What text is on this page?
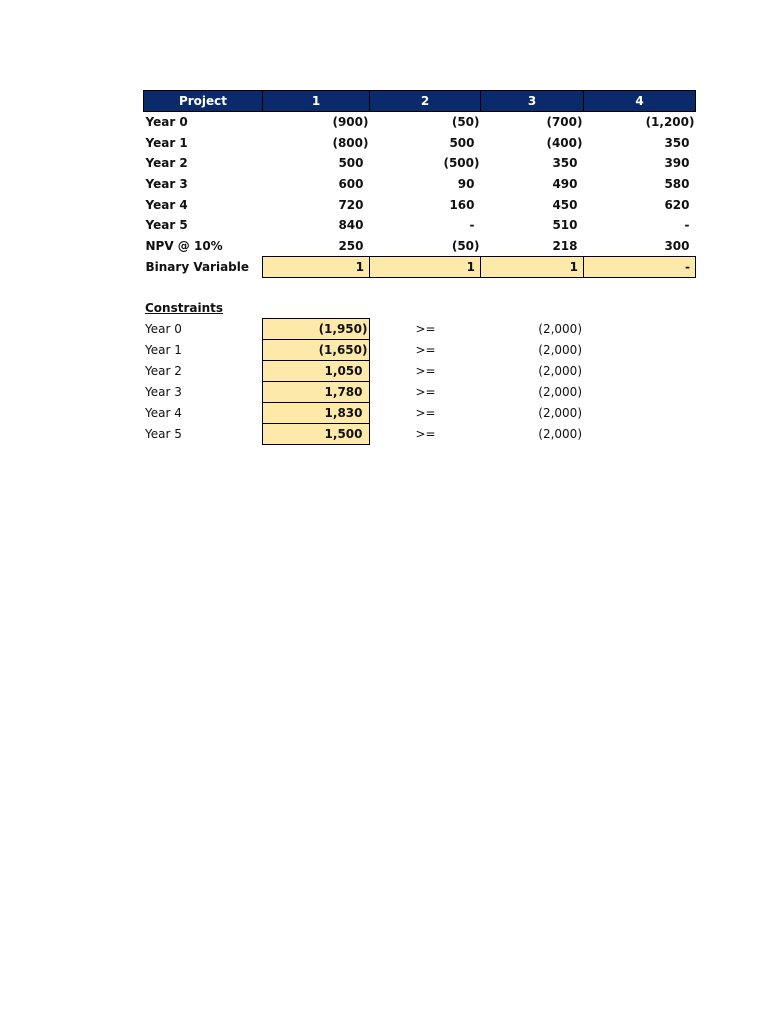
Project	1	2	3	4
Year 0	(900)	(50)	(700)	(1,200)
Year 1	(800)	500	(400)	350
Year 2	500	(500)	350	390
Year 3	600	90	490	580
Year 4	720	160	450	620
Year 5	840	-	510	-
NPV @ 10%	250	(50)	218	300
Binary Variable	1	1	1	-
Constraints
Year 0	(1,950)	>=	(2,000)
Year 1	(1,650)	>=	(2,000)
Year 2	1,050	>=	(2,000)
Year 3	1,780	>=	(2,000)
Year 4	1,830	>=	(2,000)
Year 5	1,500	>=	(2,000)
